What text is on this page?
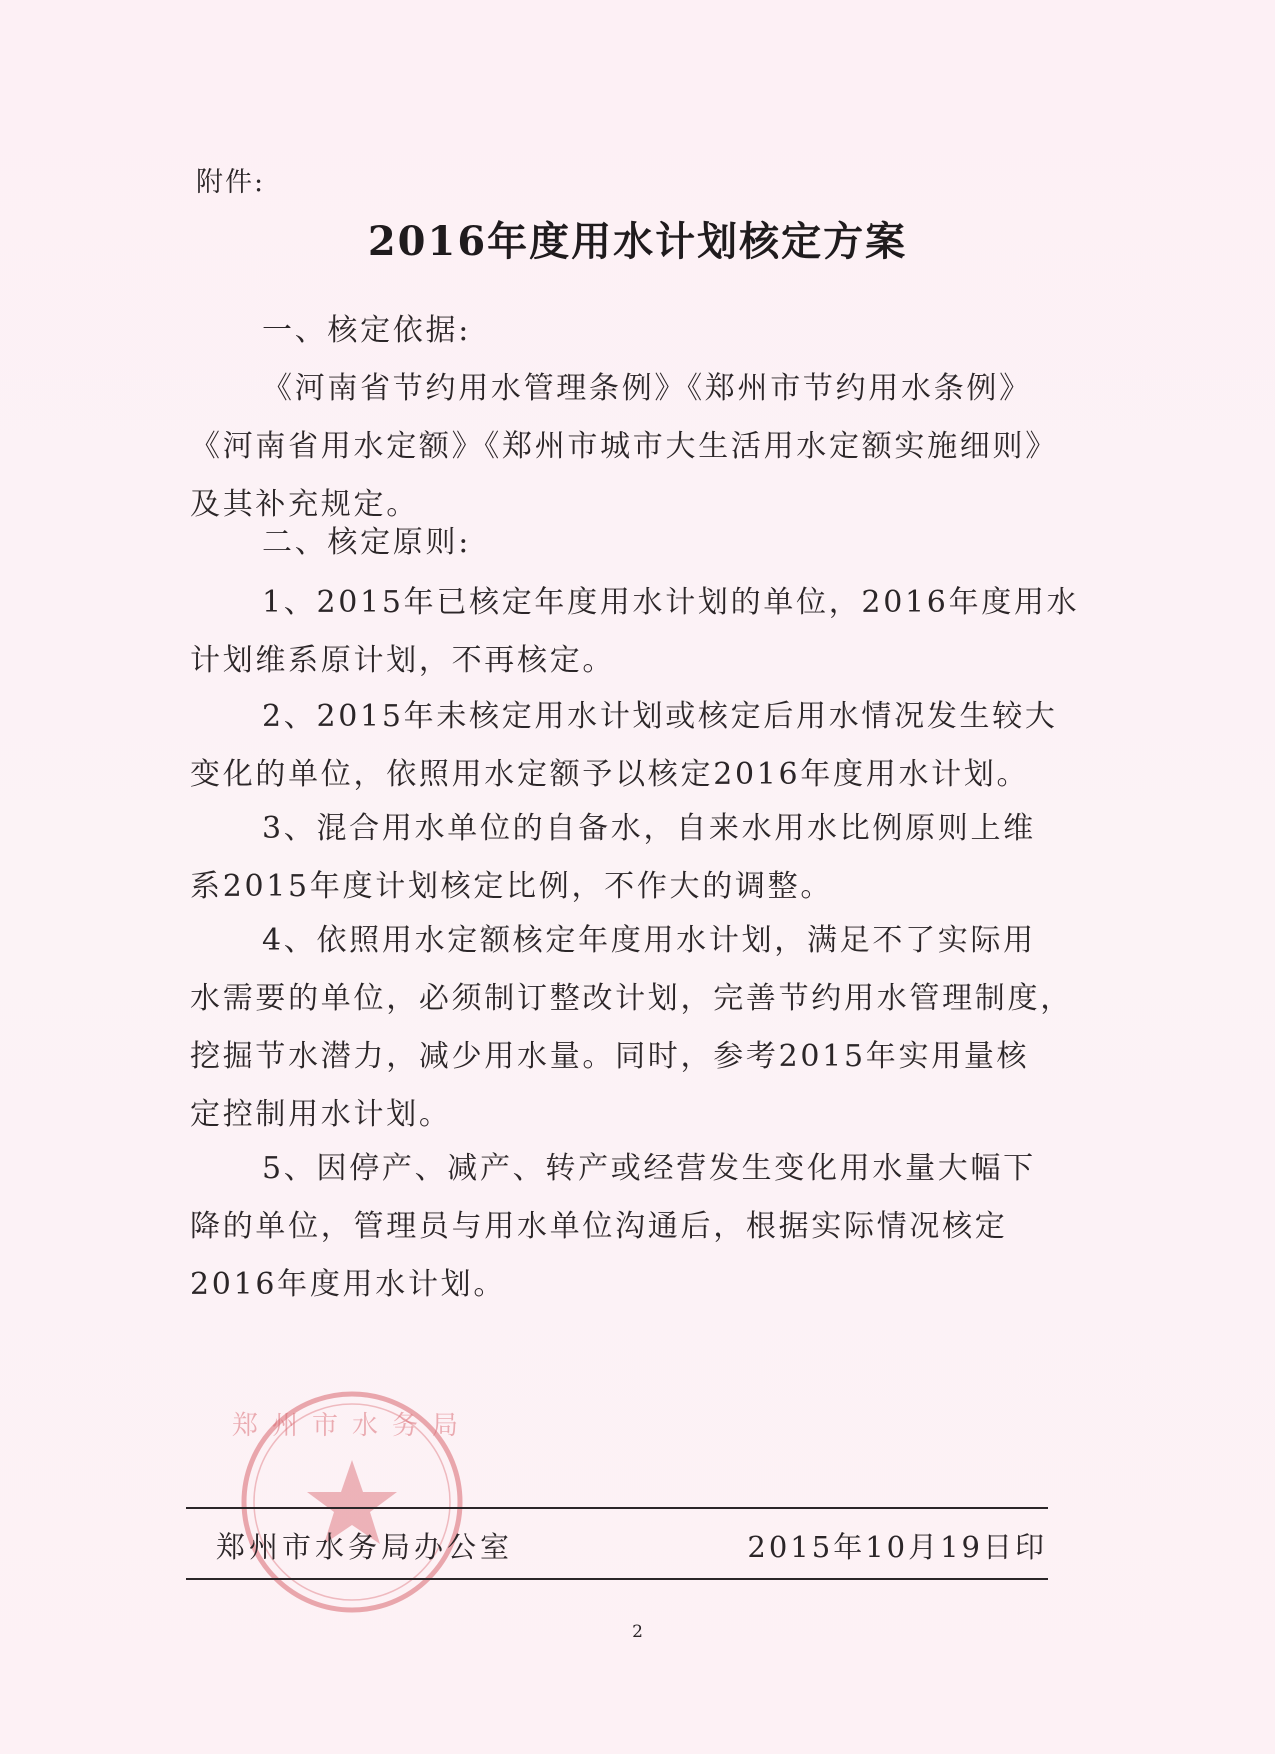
郑州市水务局
附件:
2016年度用水计划核定方案
一、核定依据:
《河南省节约用水管理条例》《郑州市节约用水条例》
《河南省用水定额》《郑州市城市大生活用水定额实施细则》
及其补充规定。
二、核定原则:
1、2015年已核定年度用水计划的单位，2016年度用水
计划维系原计划，不再核定。
2、2015年未核定用水计划或核定后用水情况发生较大
变化的单位，依照用水定额予以核定2016年度用水计划。
3、混合用水单位的自备水，自来水用水比例原则上维
系2015年度计划核定比例，不作大的调整。
4、依照用水定额核定年度用水计划，满足不了实际用
水需要的单位，必须制订整改计划，完善节约用水管理制度，
挖掘节水潜力，减少用水量。同时，参考2015年实用量核
定控制用水计划。
5、因停产、减产、转产或经营发生变化用水量大幅下
降的单位，管理员与用水单位沟通后，根据实际情况核定
2016年度用水计划。
郑州市水务局办公室	2015年10月19日印
2
